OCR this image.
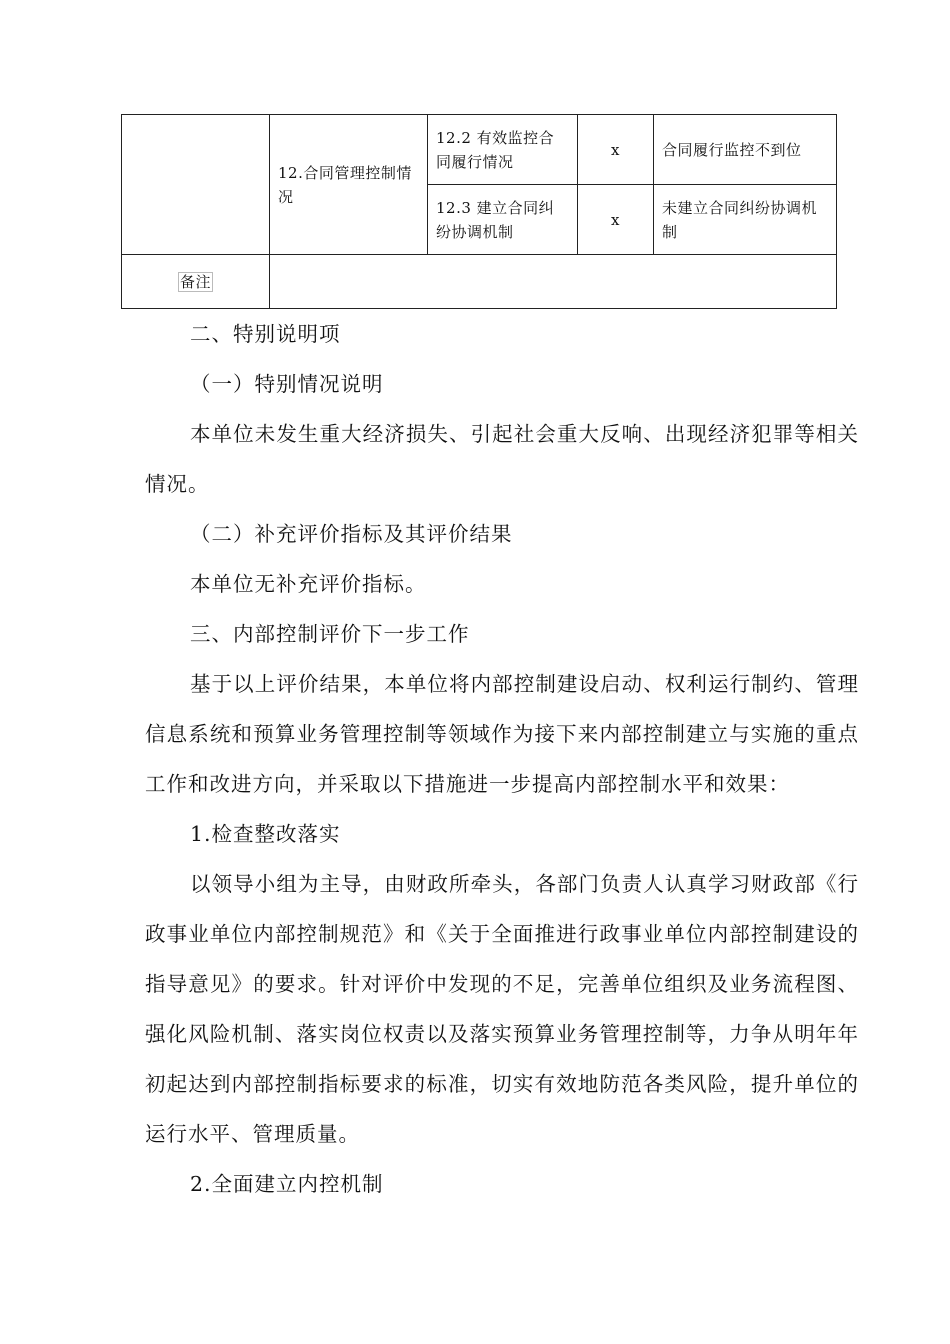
	12.合同管理控制情况	12.2 有效监控合同履行情况	x	合同履行监控不到位
		12.3 建立合同纠纷协调机制	x	未建立合同纠纷协调机制
备注				

二、特别说明项

（一）特别情况说明

本单位未发生重大经济损失、引起社会重大反响、出现经济犯罪等相关情况。

（二）补充评价指标及其评价结果

本单位无补充评价指标。

三、内部控制评价下一步工作

基于以上评价结果，本单位将内部控制建设启动、权利运行制约、管理信息系统和预算业务管理控制等领域作为接下来内部控制建立与实施的重点工作和改进方向，并采取以下措施进一步提高内部控制水平和效果：

1.检查整改落实

以领导小组为主导，由财政所牵头，各部门负责人认真学习财政部《行政事业单位内部控制规范》和《关于全面推进行政事业单位内部控制建设的指导意见》的要求。针对评价中发现的不足，完善单位组织及业务流程图、强化风险机制、落实岗位权责以及落实预算业务管理控制等，力争从明年年初起达到内部控制指标要求的标准，切实有效地防范各类风险，提升单位的运行水平、管理质量。

2.全面建立内控机制
